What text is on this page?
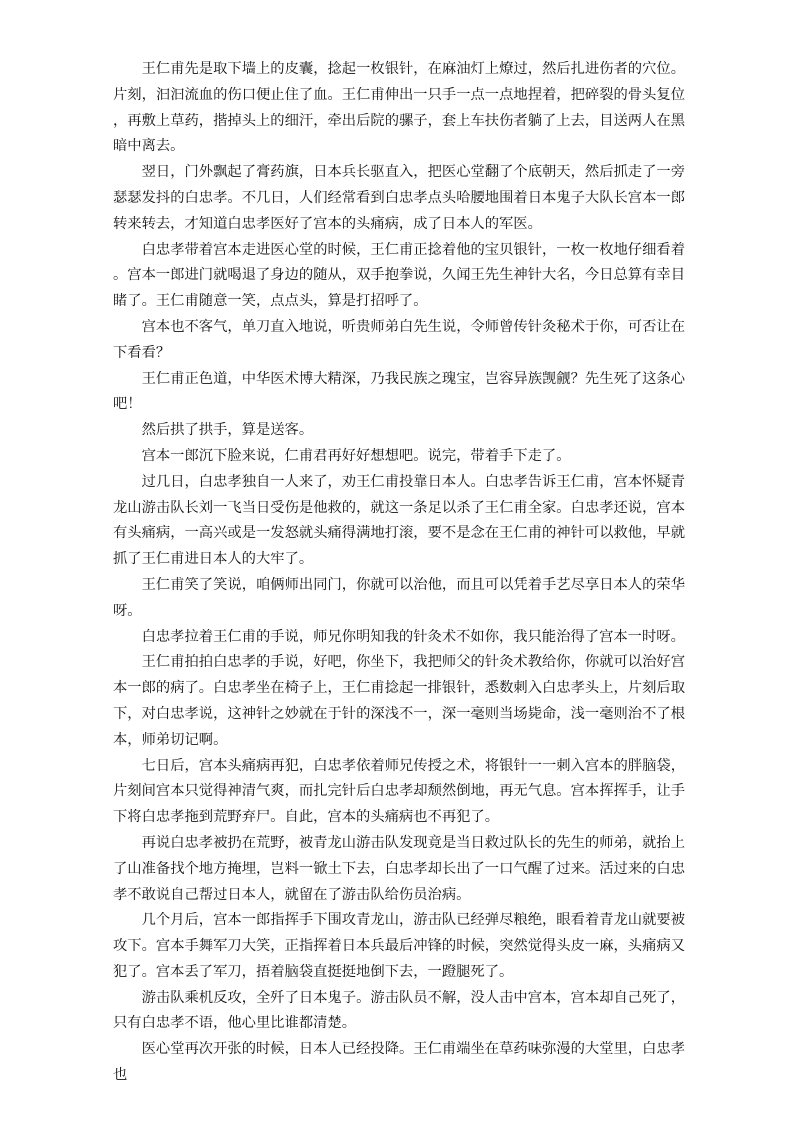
王仁甫先是取下墙上的皮囊，捻起一枚银针，在麻油灯上燎过，然后扎进伤者的穴位。片刻，汩汩流血的伤口便止住了血。王仁甫伸出一只手一点一点地捏着，把碎裂的骨头复位，再敷上草药，揩掉头上的细汗，牵出后院的骡子，套上车扶伤者躺了上去，目送两人在黑暗中离去。

翌日，门外飘起了膏药旗，日本兵长驱直入，把医心堂翻了个底朝天，然后抓走了一旁瑟瑟发抖的白忠孝。不几日，人们经常看到白忠孝点头哈腰地围着日本鬼子大队长宫本一郎转来转去，才知道白忠孝医好了宫本的头痛病，成了日本人的军医。

白忠孝带着宫本走进医心堂的时候，王仁甫正捻着他的宝贝银针，一枚一枚地仔细看着。宫本一郎进门就喝退了身边的随从，双手抱拳说，久闻王先生神针大名，今日总算有幸目睹了。王仁甫随意一笑，点点头，算是打招呼了。

宫本也不客气，单刀直入地说，听贵师弟白先生说，令师曾传针灸秘术于你，可否让在下看看？

王仁甫正色道，中华医术博大精深，乃我民族之瑰宝，岂容异族觊觎？先生死了这条心吧！

然后拱了拱手，算是送客。

宫本一郎沉下脸来说，仁甫君再好好想想吧。说完，带着手下走了。

过几日，白忠孝独自一人来了，劝王仁甫投靠日本人。白忠孝告诉王仁甫，宫本怀疑青龙山游击队长刘一飞当日受伤是他救的，就这一条足以杀了王仁甫全家。白忠孝还说，宫本有头痛病，一高兴或是一发怒就头痛得满地打滚，要不是念在王仁甫的神针可以救他，早就抓了王仁甫进日本人的大牢了。

王仁甫笑了笑说，咱俩师出同门，你就可以治他，而且可以凭着手艺尽享日本人的荣华呀。

白忠孝拉着王仁甫的手说，师兄你明知我的针灸术不如你，我只能治得了宫本一时呀。

王仁甫拍拍白忠孝的手说，好吧，你坐下，我把师父的针灸术教给你，你就可以治好宫本一郎的病了。白忠孝坐在椅子上，王仁甫捻起一排银针，悉数刺入白忠孝头上，片刻后取下，对白忠孝说，这神针之妙就在于针的深浅不一，深一毫则当场毙命，浅一毫则治不了根本，师弟切记啊。

七日后，宫本头痛病再犯，白忠孝依着师兄传授之术，将银针一一刺入宫本的胖脑袋，片刻间宫本只觉得神清气爽，而扎完针后白忠孝却颓然倒地，再无气息。宫本挥挥手，让手下将白忠孝拖到荒野弃尸。自此，宫本的头痛病也不再犯了。

再说白忠孝被扔在荒野，被青龙山游击队发现竟是当日救过队长的先生的师弟，就抬上了山准备找个地方掩埋，岂料一锨土下去，白忠孝却长出了一口气醒了过来。活过来的白忠孝不敢说自己帮过日本人，就留在了游击队给伤员治病。

几个月后，宫本一郎指挥手下围攻青龙山，游击队已经弹尽粮绝，眼看着青龙山就要被攻下。宫本手舞军刀大笑，正指挥着日本兵最后冲锋的时候，突然觉得头皮一麻，头痛病又犯了。宫本丢了军刀，捂着脑袋直挺挺地倒下去，一蹬腿死了。

游击队乘机反攻，全歼了日本鬼子。游击队员不解，没人击中宫本，宫本却自己死了，只有白忠孝不语，他心里比谁都清楚。

医心堂再次开张的时候，日本人已经投降。王仁甫端坐在草药味弥漫的大堂里，白忠孝也
